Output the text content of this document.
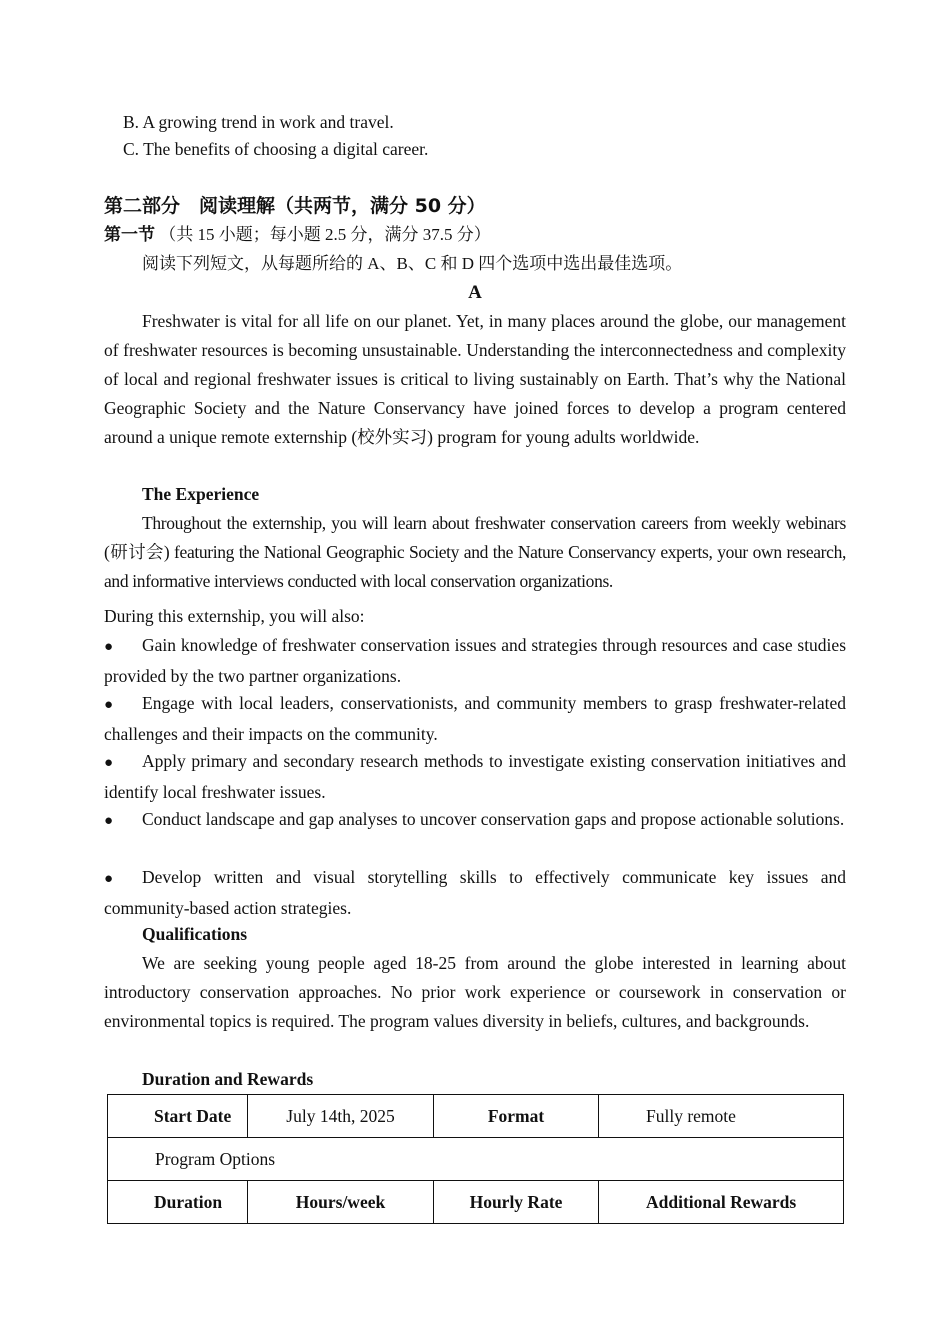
B. A growing trend in work and travel.
C. The benefits of choosing a digital career.
第二部分　阅读理解（共两节，满分 50 分）
第一节 （共 15 小题；每小题 2.5 分，满分 37.5 分）
阅读下列短文，从每题所给的 A、B、C 和 D 四个选项中选出最佳选项。
A

Freshwater is vital for all life on our planet. Yet, in many places around the globe, our management of freshwater resources is becoming unsustainable. Understanding the interconnectedness and complexity of local and regional freshwater issues is critical to living sustainably on Earth. That’s why the National Geographic Society and the Nature Conservancy have joined forces to develop a program centered around a unique remote externship (校外实习) program for young adults worldwide.

The Experience

Throughout the externship, you will learn about freshwater conservation careers from weekly webinars (研讨会) featuring the National Geographic Society and the Nature Conservancy experts, your own research, and informative interviews conducted with local conservation organizations.

During this externship, you will also:

● Gain knowledge of freshwater conservation issues and strategies through resources and case studies provided by the two partner organizations.

● Engage with local leaders, conservationists, and community members to grasp freshwater-related challenges and their impacts on the community.

● Apply primary and secondary research methods to investigate existing conservation initiatives and identify local freshwater issues.

● Conduct landscape and gap analyses to uncover conservation gaps and propose actionable solutions.

● Develop written and visual storytelling skills to effectively communicate key issues and community-based action strategies.

Qualifications

We are seeking young people aged 18-25 from around the globe interested in learning about introductory conservation approaches. No prior work experience or coursework in conservation or environmental topics is required. The program values diversity in beliefs, cultures, and backgrounds.

Duration and Rewards
Start Date	July 14th, 2025	Format	Fully remote
Program Options			
Duration	Hours/week	Hourly Rate	Additional Rewards
